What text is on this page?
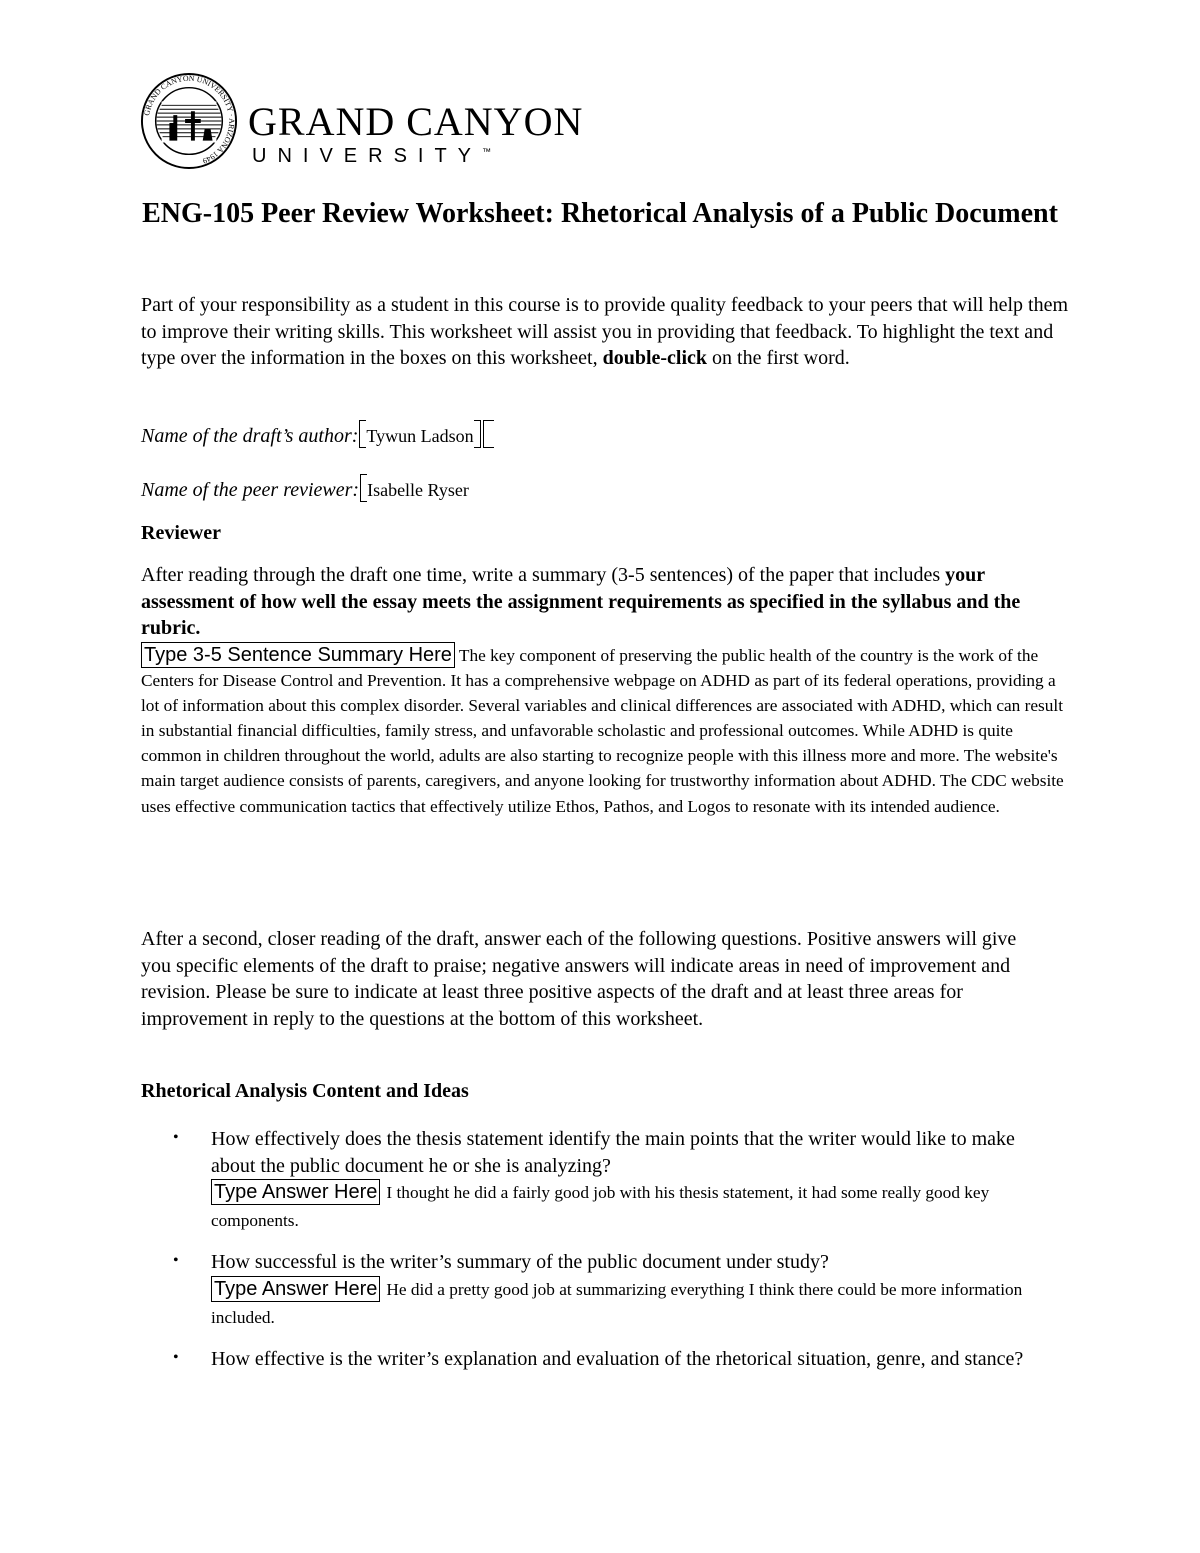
GRAND CANYON UNIVERSITY · ARIZONA 1949
GRAND CANYON
UNIVERSITY™
ENG-105 Peer Review Worksheet: Rhetorical Analysis of a Public Document
Part of your responsibility as a student in this course is to provide quality feedback to your peers that will help them to improve their writing skills. This worksheet will assist you in providing that feedback. To highlight the text and type over the information in the boxes on this worksheet, double-click on the first word.
Name of the draft’s author: Tywun Ladson
Name of the peer reviewer: Isabelle Ryser
Reviewer
After reading through the draft one time, write a summary (3-5 sentences) of the paper that includes your assessment of how well the essay meets the assignment requirements as specified in the syllabus and the rubric.
Type 3-5 Sentence Summary Here The key component of preserving the public health of the country is the work of the Centers for Disease Control and Prevention. It has a comprehensive webpage on ADHD as part of its federal operations, providing a lot of information about this complex disorder. Several variables and clinical differences are associated with ADHD, which can result in substantial financial difficulties, family stress, and unfavorable scholastic and professional outcomes. While ADHD is quite common in children throughout the world, adults are also starting to recognize people with this illness more and more. The website's main target audience consists of parents, caregivers, and anyone looking for trustworthy information about ADHD. The CDC website uses effective communication tactics that effectively utilize Ethos, Pathos, and Logos to resonate with its intended audience.
After a second, closer reading of the draft, answer each of the following questions. Positive answers will give you specific elements of the draft to praise; negative answers will indicate areas in need of improvement and revision. Please be sure to indicate at least three positive aspects of the draft and at least three areas for improvement in reply to the questions at the bottom of this worksheet.
Rhetorical Analysis Content and Ideas
• How effectively does the thesis statement identify the main points that the writer would like to make about the public document he or she is analyzing?
Type Answer Here I thought he did a fairly good job with his thesis statement, it had some really good key components.
• How successful is the writer’s summary of the public document under study?
Type Answer Here He did a pretty good job at summarizing everything I think there could be more information included.
• How effective is the writer’s explanation and evaluation of the rhetorical situation, genre, and stance?
